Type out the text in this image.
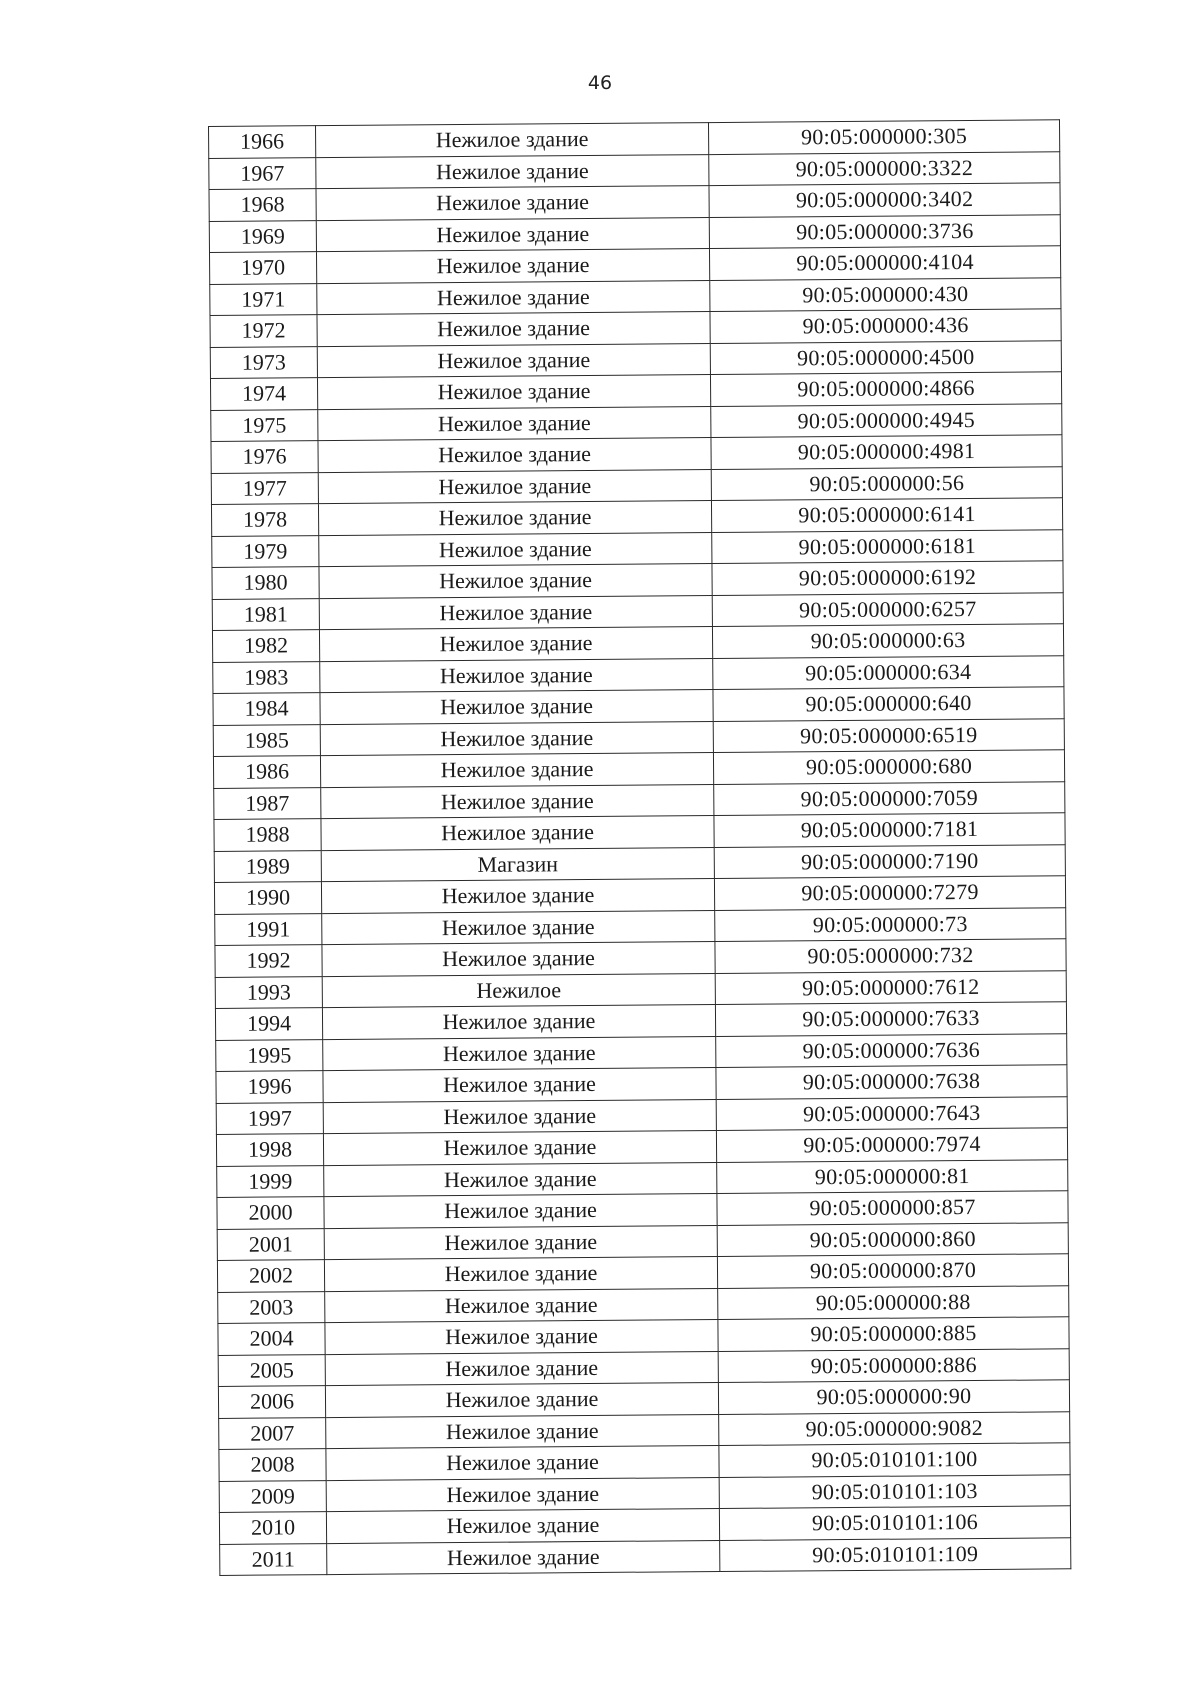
46
1966	Нежилое здание	90:05:000000:305
1967	Нежилое здание	90:05:000000:3322
1968	Нежилое здание	90:05:000000:3402
1969	Нежилое здание	90:05:000000:3736
1970	Нежилое здание	90:05:000000:4104
1971	Нежилое здание	90:05:000000:430
1972	Нежилое здание	90:05:000000:436
1973	Нежилое здание	90:05:000000:4500
1974	Нежилое здание	90:05:000000:4866
1975	Нежилое здание	90:05:000000:4945
1976	Нежилое здание	90:05:000000:4981
1977	Нежилое здание	90:05:000000:56
1978	Нежилое здание	90:05:000000:6141
1979	Нежилое здание	90:05:000000:6181
1980	Нежилое здание	90:05:000000:6192
1981	Нежилое здание	90:05:000000:6257
1982	Нежилое здание	90:05:000000:63
1983	Нежилое здание	90:05:000000:634
1984	Нежилое здание	90:05:000000:640
1985	Нежилое здание	90:05:000000:6519
1986	Нежилое здание	90:05:000000:680
1987	Нежилое здание	90:05:000000:7059
1988	Нежилое здание	90:05:000000:7181
1989	Магазин	90:05:000000:7190
1990	Нежилое здание	90:05:000000:7279
1991	Нежилое здание	90:05:000000:73
1992	Нежилое здание	90:05:000000:732
1993	Нежилое	90:05:000000:7612
1994	Нежилое здание	90:05:000000:7633
1995	Нежилое здание	90:05:000000:7636
1996	Нежилое здание	90:05:000000:7638
1997	Нежилое здание	90:05:000000:7643
1998	Нежилое здание	90:05:000000:7974
1999	Нежилое здание	90:05:000000:81
2000	Нежилое здание	90:05:000000:857
2001	Нежилое здание	90:05:000000:860
2002	Нежилое здание	90:05:000000:870
2003	Нежилое здание	90:05:000000:88
2004	Нежилое здание	90:05:000000:885
2005	Нежилое здание	90:05:000000:886
2006	Нежилое здание	90:05:000000:90
2007	Нежилое здание	90:05:000000:9082
2008	Нежилое здание	90:05:010101:100
2009	Нежилое здание	90:05:010101:103
2010	Нежилое здание	90:05:010101:106
2011	Нежилое здание	90:05:010101:109
